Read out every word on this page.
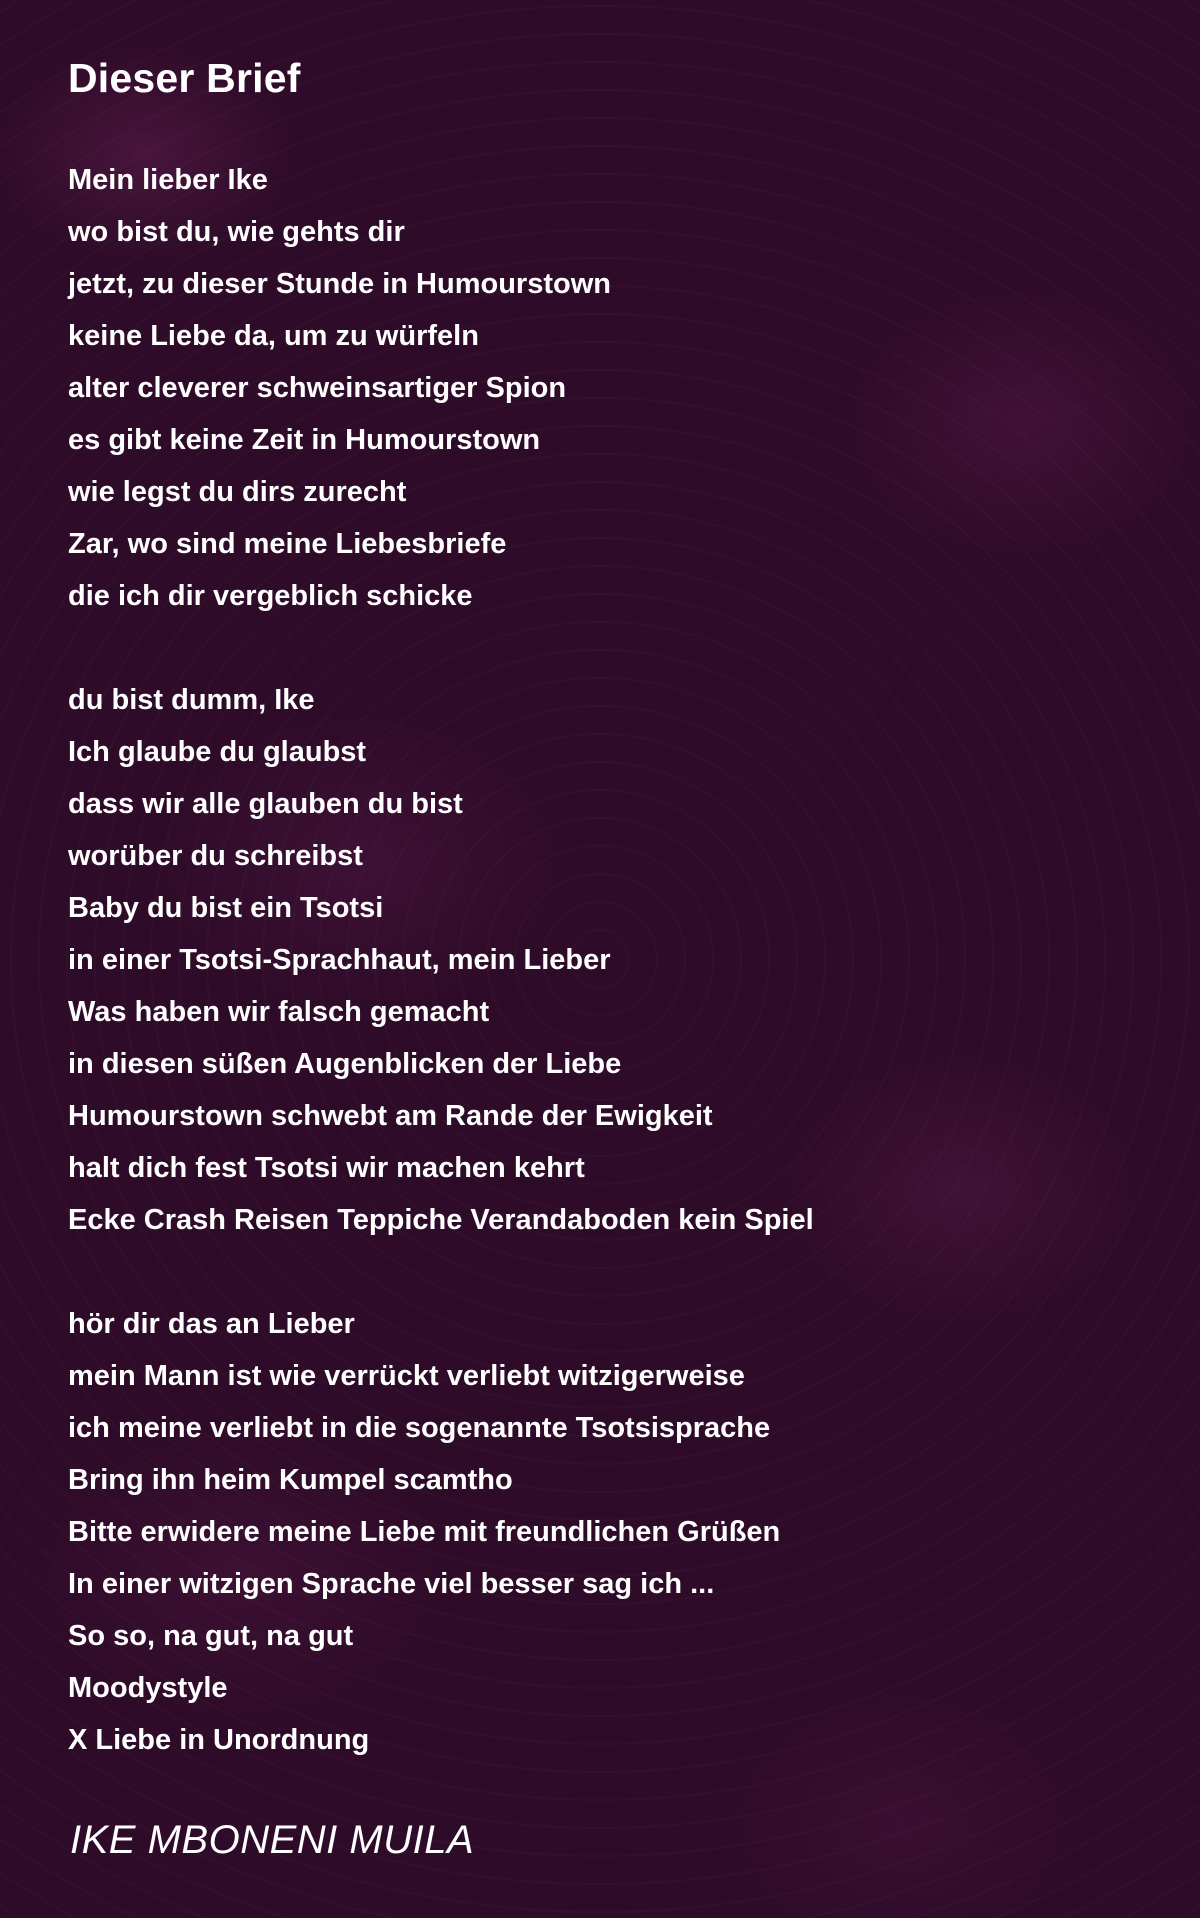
Dieser Brief
Mein lieber Ike
wo bist du, wie gehts dir
jetzt, zu dieser Stunde in Humourstown
keine Liebe da, um zu würfeln
alter cleverer schweinsartiger Spion
es gibt keine Zeit in Humourstown
wie legst du dirs zurecht
Zar, wo sind meine Liebesbriefe
die ich dir vergeblich schicke
du bist dumm, Ike
Ich glaube du glaubst
dass wir alle glauben du bist
worüber du schreibst
Baby du bist ein Tsotsi
in einer Tsotsi-Sprachhaut, mein Lieber
Was haben wir falsch gemacht
in diesen süßen Augenblicken der Liebe
Humourstown schwebt am Rande der Ewigkeit
halt dich fest Tsotsi wir machen kehrt
Ecke Crash Reisen Teppiche Verandaboden kein Spiel
hör dir das an Lieber
mein Mann ist wie verrückt verliebt witzigerweise
ich meine verliebt in die sogenannte Tsotsisprache
Bring ihn heim Kumpel scamtho
Bitte erwidere meine Liebe mit freundlichen Grüßen
In einer witzigen Sprache viel besser sag ich ...
So so, na gut, na gut
Moodystyle
X Liebe in Unordnung
IKE MBONENI MUILA
